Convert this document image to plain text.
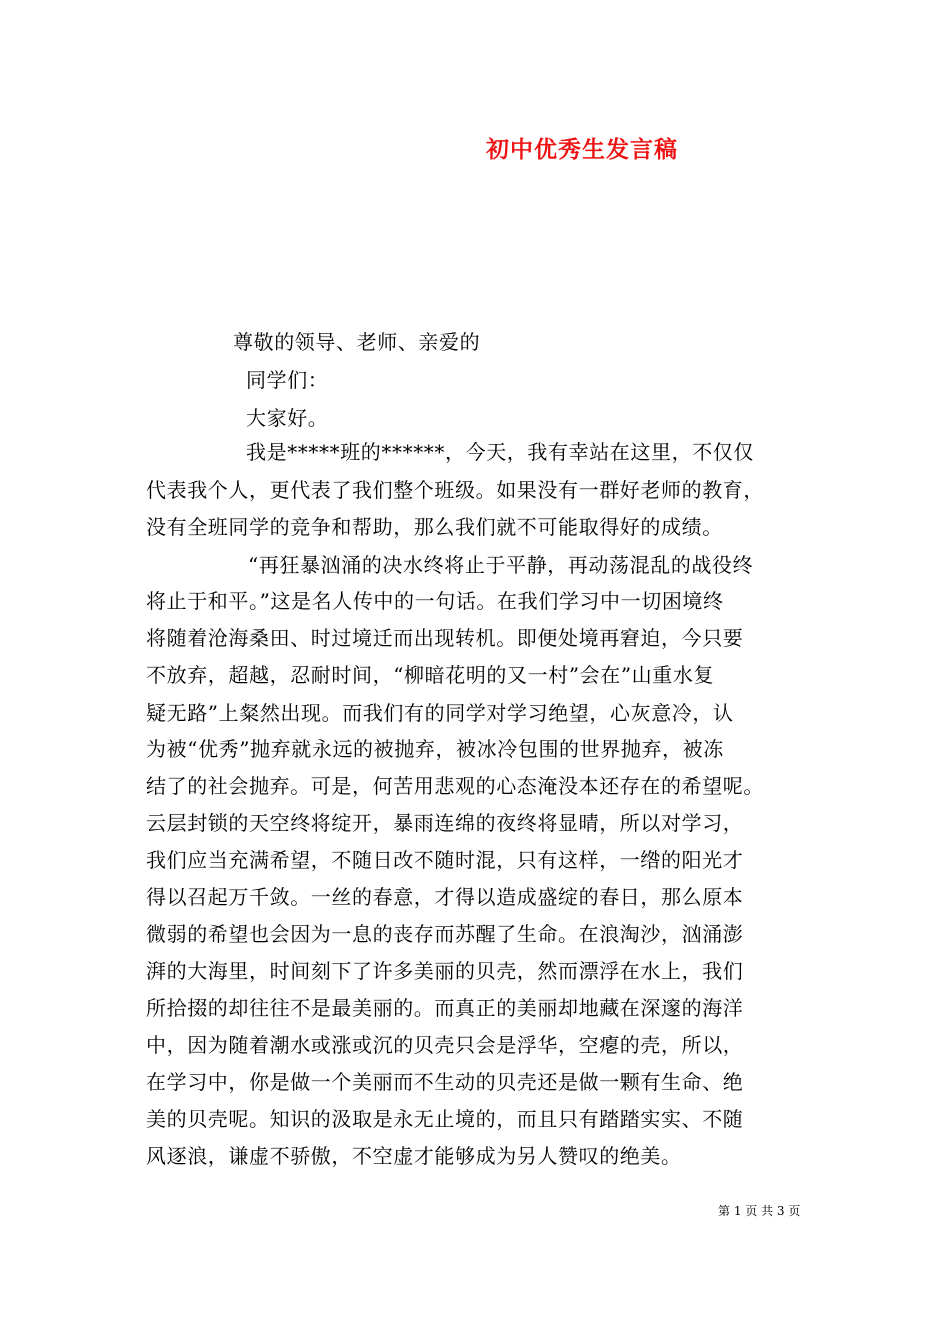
初中优秀生发言稿
尊敬的领导、老师、亲爱的
同学们：
大家好。
我是*****班的******，今天，我有幸站在这里，不仅仅
代表我个人，更代表了我们整个班级。如果没有一群好老师的教育，
没有全班同学的竞争和帮助，那么我们就不可能取得好的成绩。
“再狂暴汹涌的决水终将止于平静，再动荡混乱的战役终
将止于和平。”这是名人传中的一句话。在我们学习中一切困境终
将随着沧海桑田、时过境迁而出现转机。即便处境再窘迫，今只要
不放弃，超越，忍耐时间，“柳暗花明的又一村”会在”山重水复
疑无路”上粲然出现。而我们有的同学对学习绝望，心灰意冷，认
为被“优秀”抛弃就永远的被抛弃，被冰冷包围的世界抛弃，被冻
结了的社会抛弃。可是，何苦用悲观的心态淹没本还存在的希望呢。
云层封锁的天空终将绽开，暴雨连绵的夜终将显晴，所以对学习，
我们应当充满希望，不随日改不随时混，只有这样，一绺的阳光才
得以召起万千敛。一丝的春意，才得以造成盛绽的春日，那么原本
微弱的希望也会因为一息的丧存而苏醒了生命。在浪淘沙，汹涌澎
湃的大海里，时间刻下了许多美丽的贝壳，然而漂浮在水上，我们
所拾掇的却往往不是最美丽的。而真正的美丽却地藏在深邃的海洋
中，因为随着潮水或涨或沉的贝壳只会是浮华，空瘪的壳，所以，
在学习中，你是做一个美丽而不生动的贝壳还是做一颗有生命、绝
美的贝壳呢。知识的汲取是永无止境的，而且只有踏踏实实、不随
风逐浪，谦虚不骄傲，不空虚才能够成为另人赞叹的绝美。
第 1 页 共 3 页
